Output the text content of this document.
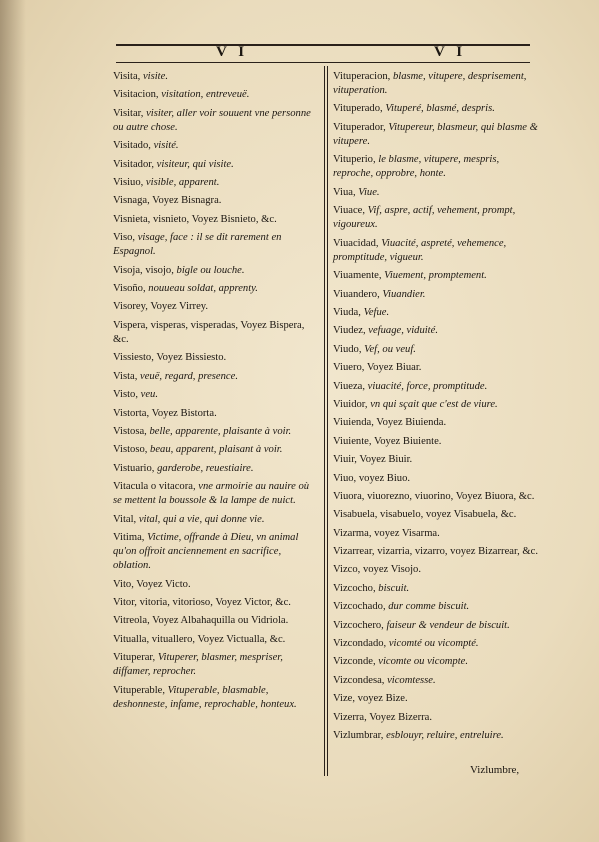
V I	V I
Visita, visite.
Visitacion, visitation, entreveuë.
Visitar, visiter, aller voir souuent vne personne ou autre chose.
Visitado, visité.
Visitador, visiteur, qui visite.
Visiuo, visible, apparent.
Visnaga, Voyez Bisnagra.
Visnieta, visnieto, Voyez Bisnieto, &c.
Viso, visage, face : il se dit rarement en Espagnol.
Visoja, visojo, bigle ou louche.
Visoño, nouueau soldat, apprenty.
Visorey, Voyez Virrey.
Vispera, visperas, visperadas, Voyez Bispera, &c.
Vissiesto, Voyez Bissiesto.
Vista, veuë, regard, presence.
Visto, veu.
Vistorta, Voyez Bistorta.
Vistosa, belle, apparente, plaisante à voir.
Vistoso, beau, apparent, plaisant à voir.
Vistuario, garderobe, reuestiaire.
Vitacula o vitacora, vne armoirie au nauire où se mettent la boussole & la lampe de nuict.
Vital, vital, qui a vie, qui donne vie.
Vitima, Victime, offrande à Dieu, vn animal qu'on offroit anciennement en sacrifice, oblation.
Vito, Voyez Victo.
Vitor, vitoria, vitorioso, Voyez Victor, &c.
Vitreola, Voyez Albahaquilla ou Vidriola.
Vitualla, vituallero, Voyez Victualla, &c.
Vituperar, Vituperer, blasmer, mespriser, diffamer, reprocher.
Vituperable, Vituperable, blasmable, deshonneste, infame, reprochable, honteux.
Vituperacion, blasme, vitupere, desprisement, vituperation.
Vituperado, Vituperé, blasmé, despris.
Vituperador, Vitupereur, blasmeur, qui blasme & vitupere.
Vituperio, le blasme, vitupere, mespris, reproche, opprobre, honte.
Viua, Viue.
Viuace, Vif, aspre, actif, vehement, prompt, vigoureux.
Viuacidad, Viuacité, aspreté, vehemence, promptitude, vigueur.
Viuamente, Viuement, promptement.
Viuandero, Viuandier.
Viuda, Vefue.
Viudez, vefuage, viduité.
Viudo, Vef, ou veuf.
Viuero, Voyez Biuar.
Viueza, viuacité, force, promptitude.
Viuidor, vn qui sçait que c'est de viure.
Viuienda, Voyez Biuienda.
Viuiente, Voyez Biuiente.
Viuir, Voyez Biuir.
Viuo, voyez Biuo.
Viuora, viuorezno, viuorino, Voyez Biuora, &c.
Visabuela, visabuelo, voyez Visabuela, &c.
Vizarma, voyez Visarma.
Vizarrear, vizarria, vizarro, voyez Bizarrear, &c.
Vizco, voyez Visojo.
Vizcocho, biscuit.
Vizcochado, dur comme biscuit.
Vizcochero, faiseur & vendeur de biscuit.
Vizcondado, vicomté ou vicompté.
Vizconde, vicomte ou vicompte.
Vizcondesa, vicomtesse.
Vize, voyez Bize.
Vizerra, Voyez Bizerra.
Vizlumbrar, esblouyr, reluire, entreluire.
Vizlumbre,
